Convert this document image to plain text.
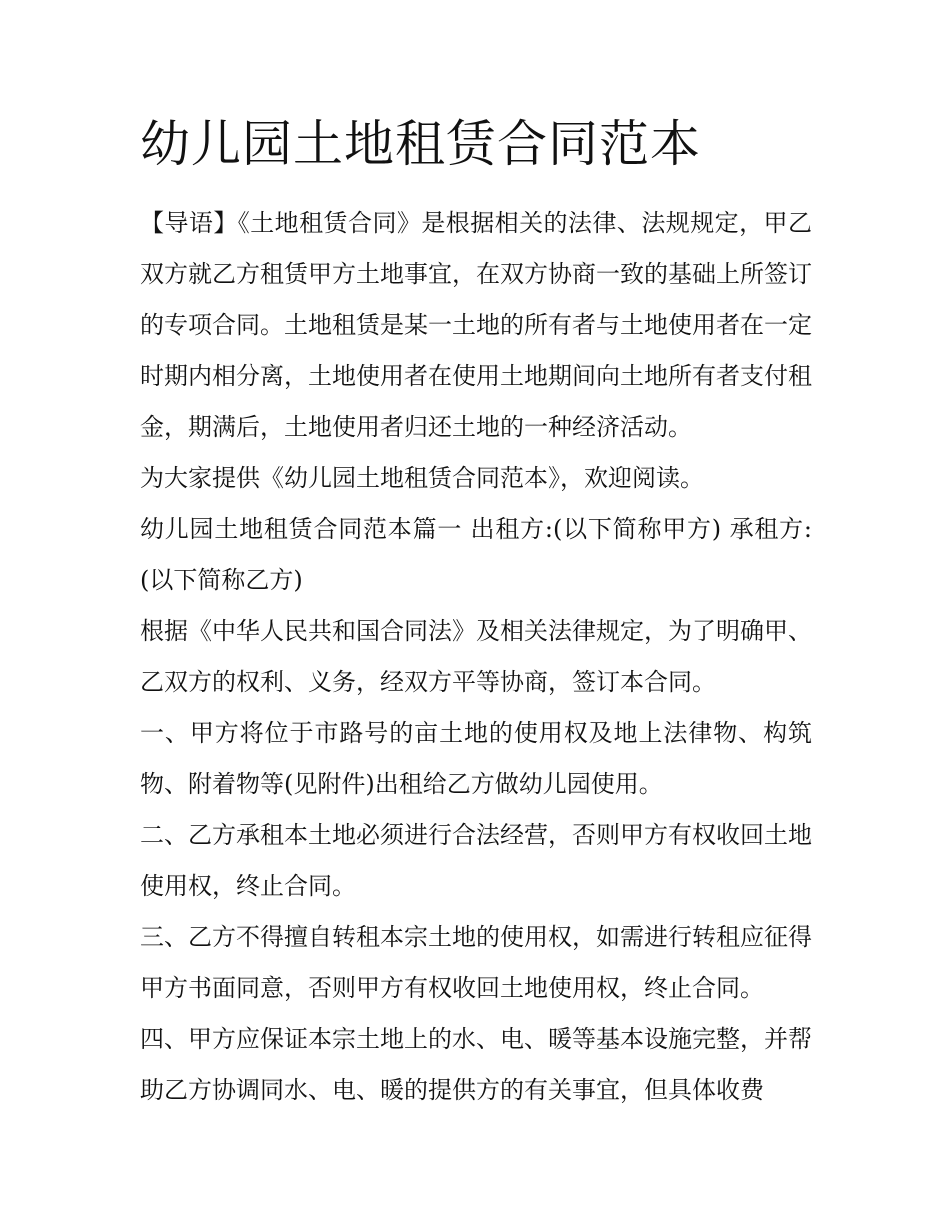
幼儿园土地租赁合同范本

【导语】《土地租赁合同》是根据相关的法律、法规规定，甲乙双方就乙方租赁甲方土地事宜，在双方协商一致的基础上所签订的专项合同。土地租赁是某一土地的所有者与土地使用者在一定时期内相分离，土地使用者在使用土地期间向土地所有者支付租金，期满后，土地使用者归还土地的一种经济活动。

为大家提供《幼儿园土地租赁合同范本》，欢迎阅读。

幼儿园土地租赁合同范本篇一 出租方:(以下简称甲方) 承租方:(以下简称乙方)

根据《中华人民共和国合同法》及相关法律规定，为了明确甲、乙双方的权利、义务，经双方平等协商，签订本合同。

一、甲方将位于市路号的亩土地的使用权及地上法律物、构筑物、附着物等(见附件)出租给乙方做幼儿园使用。

二、乙方承租本土地必须进行合法经营，否则甲方有权收回土地使用权，终止合同。

三、乙方不得擅自转租本宗土地的使用权，如需进行转租应征得甲方书面同意，否则甲方有权收回土地使用权，终止合同。

四、甲方应保证本宗土地上的水、电、暖等基本设施完整，并帮助乙方协调同水、电、暖的提供方的有关事宜，但具体收费
